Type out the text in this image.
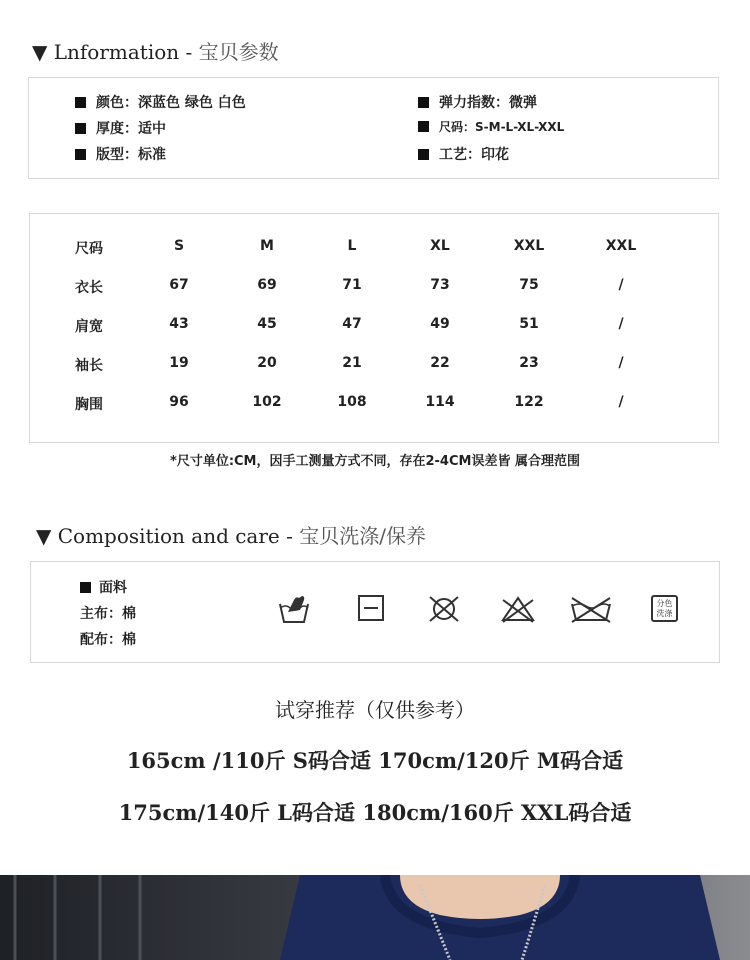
▼ Lnformation - 宝贝参数
颜色：深蓝色 绿色 白色
厚度：适中
版型：标准
弹力指数：微弹
尺码：S-M-L-XL-XXL
工艺：印花
尺码	S	M	L	XL	XXL	XXL
衣长	67	69	71	73	75	/
肩宽	43	45	47	49	51	/
袖长	19	20	21	22	23	/
胸围	96	102	108	114	122	/
*尺寸单位:CM，因手工测量方式不同，存在2-4CM误差皆 属合理范围
▼ Composition and care - 宝贝洗涤/保养
面料
主布：棉
配布：棉
分色
洗涤
试穿推荐（仅供参考）
165cm /110斤 S码合适 170cm/120斤 M码合适
175cm/140斤 L码合适 180cm/160斤 XXL码合适
